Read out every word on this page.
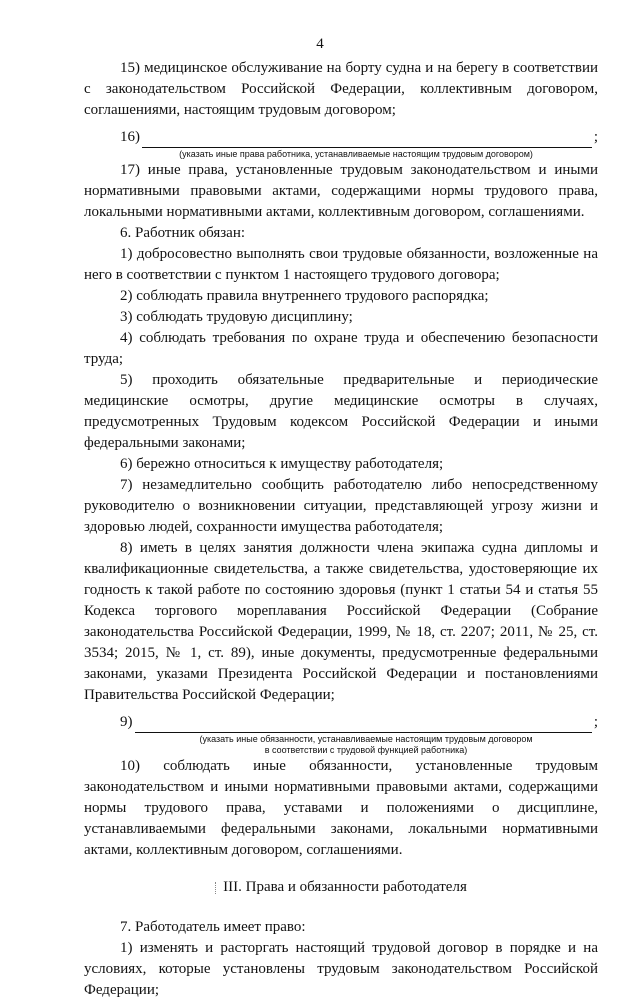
4

15) медицинское обслуживание на борту судна и на берегу в соответствии с законодательством Российской Федерации, коллективным договором, соглашениями, настоящим трудовым договором;

16)	;
(указать иные права работника, устанавливаемые настоящим трудовым договором)

17) иные права, установленные трудовым законодательством и иными нормативными правовыми актами, содержащими нормы трудового права, локальными нормативными актами, коллективным договором, соглашениями.

6. Работник обязан:

1) добросовестно выполнять свои трудовые обязанности, возложенные на него в соответствии с пунктом 1 настоящего трудового договора;

2) соблюдать правила внутреннего трудового распорядка;

3) соблюдать трудовую дисциплину;

4) соблюдать требования по охране труда и обеспечению безопасности труда;

5) проходить обязательные предварительные и периодические медицинские осмотры, другие медицинские осмотры в случаях, предусмотренных Трудовым кодексом Российской Федерации и иными федеральными законами;

6) бережно относиться к имуществу работодателя;

7) незамедлительно сообщить работодателю либо непосредственному руководителю о возникновении ситуации, представляющей угрозу жизни и здоровью людей, сохранности имущества работодателя;

8) иметь в целях занятия должности члена экипажа судна дипломы и квалификационные свидетельства, а также свидетельства, удостоверяющие их годность к такой работе по состоянию здоровья (пункт 1 статьи 54 и статья 55 Кодекса торгового мореплавания Российской Федерации (Собрание законодательства Российской Федерации, 1999, № 18, ст. 2207; 2011, № 25, ст. 3534; 2015, № 1, ст. 89), иные документы, предусмотренные федеральными законами, указами Президента Российской Федерации и постановлениями Правительства Российской Федерации;

9)	;
(указать иные обязанности, устанавливаемые настоящим трудовым договором
в соответствии с трудовой функцией работника)

10) соблюдать иные обязанности, установленные трудовым законодательством и иными нормативными правовыми актами, содержащими нормы трудового права, уставами и положениями о дисциплине, устанавливаемыми федеральными законами, локальными нормативными актами, коллективным договором, соглашениями.

III. Права и обязанности работодателя

7. Работодатель имеет право:

1) изменять и расторгать настоящий трудовой договор в порядке и на условиях, которые установлены трудовым законодательством Российской Федерации;
